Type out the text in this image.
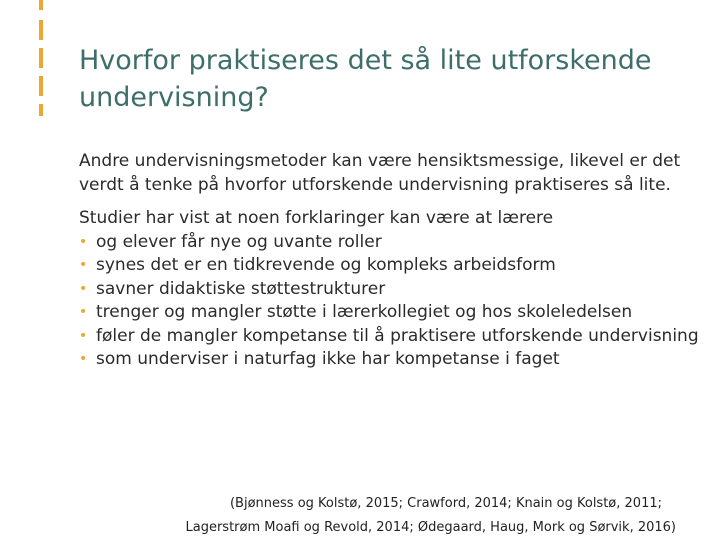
Hvorfor praktiseres det så lite utforskende undervisning?

Andre undervisningsmetoder kan være hensiktsmessige, likevel er det verdt å tenke på hvorfor utforskende undervisning praktiseres så lite.

Studier har vist at noen forklaringer kan være at lærere

• og elever får nye og uvante roller
• synes det er en tidkrevende og kompleks arbeidsform
• savner didaktiske støttestrukturer
• trenger og mangler støtte i lærerkollegiet og hos skoleledelsen
• føler de mangler kompetanse til å praktisere utforskende undervisning
• som underviser i naturfag ikke har kompetanse i faget
(Bjønness og Kolstø, 2015; Crawford, 2014; Knain og Kolstø, 2011;
Lagerstrøm Moafi og Revold, 2014; Ødegaard, Haug, Mork og Sørvik, 2016)
